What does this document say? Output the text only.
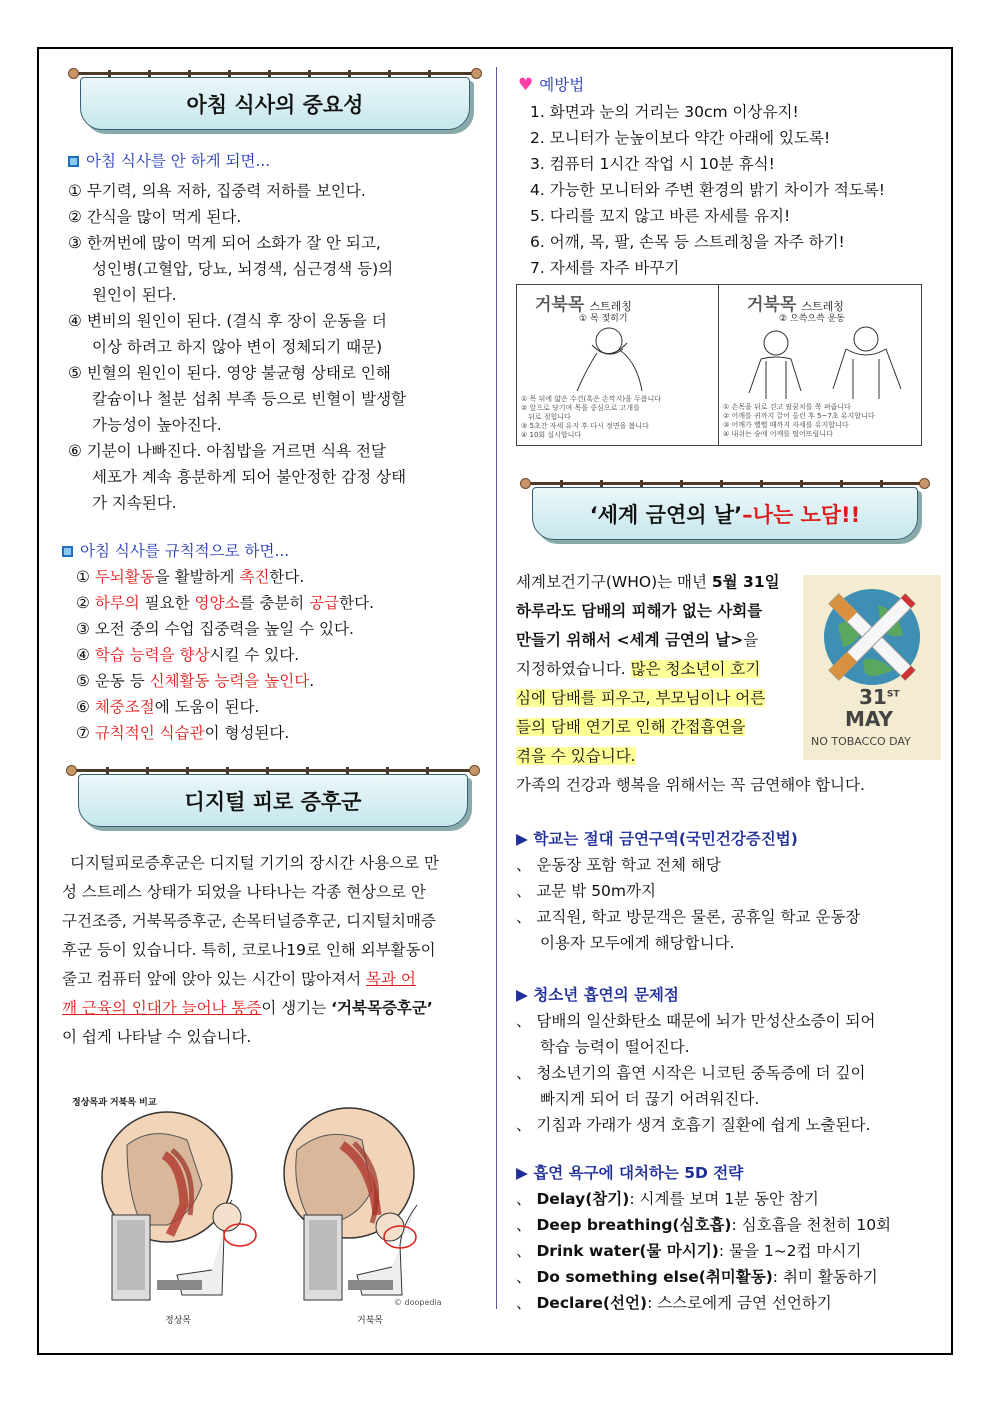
아침 식사의 중요성
아침 식사를 안 하게 되면...
① 무기력, 의욕 저하, 집중력 저하를 보인다.
② 간식을 많이 먹게 된다.
③ 한꺼번에 많이 먹게 되어 소화가 잘 안 되고,
성인병(고혈압, 당뇨, 뇌경색, 심근경색 등)의
원인이 된다.
④ 변비의 원인이 된다. (결식 후 장이 운동을 더
이상 하려고 하지 않아 변이 정체되기 때문)
⑤ 빈혈의 원인이 된다. 영양 불균형 상태로 인해
칼슘이나 철분 섭취 부족 등으로 빈혈이 발생할
가능성이 높아진다.
⑥ 기분이 나빠진다. 아침밥을 거르면 식욕 전달
세포가 계속 흥분하게 되어 불안정한 감정 상태
가 지속된다.
아침 식사를 규칙적으로 하면...
① 두뇌활동을 활발하게 촉진한다.
② 하루의 필요한 영양소를 충분히 공급한다.
③ 오전 중의 수업 집중력을 높일 수 있다.
④ 학습 능력을 향상시킬 수 있다.
⑤ 운동 등 신체활동 능력을 높인다.
⑥ 체중조절에 도움이 된다.
⑦ 규칙적인 식습관이 형성된다.
디지털 피로 증후군
디지털피로증후군은 디지털 기기의 장시간 사용으로 만
성 스트레스 상태가 되었을 나타나는 각종 현상으로 안
구건조증, 거북목증후군, 손목터널증후군, 디지털치매증
후군 등이 있습니다. 특히, 코로나19로 인해 외부활동이
줄고 컴퓨터 앞에 앉아 있는 시간이 많아져서 목과 어
깨 근육의 인대가 늘어나 통증이 생기는 ‘거북목증후군’
이 쉽게 나타날 수 있습니다.
정상목과 거북목 비교
정상목	거북목
© doopedia
♥ 예방법
1. 화면과 눈의 거리는 30cm 이상유지!
2. 모니터가 눈높이보다 약간 아래에 있도록!
3. 컴퓨터 1시간 작업 시 10분 휴식!
4. 가능한 모니터와 주변 환경의 밝기 차이가 적도록!
5. 다리를 꼬지 않고 바른 자세를 유지!
6. 어깨, 목, 팔, 손목 등 스트레칭을 자주 하기!
7. 자세를 자주 바꾸기
거북목 스트레칭
① 목 젖히기
① 목 뒤에 얇은 수건(혹은 손깍지)을 두릅니다
② 앞으로 당기며 목을 중심으로 고개를
뒤로 젖힙니다
③ 5초간 자세 유지 후 다시 정면을 봅니다
④ 10회 실시합니다
거북목 스트레칭
② 으쓱으쓱 운동
① 손목을 뒤로 걷고 팔꿈치를 쭉 펴줍니다
② 어깨를 귀까지 끌어 올린 후 5~7초 유지합니다
③ 어깨가 뻘뻘 때까지 자세를 유지합니다
④ 내쉬는 숨에 어깨를 떨어뜨립니다
‘세계 금연의 날’ –나는 노담!!
세계보건기구(WHO)는 매년 5월 31일
하루라도 담배의 피해가 없는 사회를
만들기 위해서 <세계 금연의 날>을
지정하였습니다. 많은 청소년이 호기
심에 담배를 피우고, 부모님이나 어른
들의 담배 연기로 인해 간접흡연을
겪을 수 있습니다.
가족의 건강과 행복을 위해서는 꼭 금연해야 합니다.
31ST
MAY
NO TOBACCO DAY
▶ 학교는 절대 금연구역(국민건강증진법)
、 운동장 포함 학교 전체 해당
、 교문 밖 50m까지
、 교직원, 학교 방문객은 물론, 공휴일 학교 운동장
이용자 모두에게 해당합니다.
▶ 청소년 흡연의 문제점
、 담배의 일산화탄소 때문에 뇌가 만성산소증이 되어
학습 능력이 떨어진다.
、 청소년기의 흡연 시작은 니코틴 중독증에 더 깊이
빠지게 되어 더 끊기 어려워진다.
、 기침과 가래가 생겨 호흡기 질환에 쉽게 노출된다.
▶ 흡연 욕구에 대처하는 5D 전략
、 Delay(참기): 시계를 보며 1분 동안 참기
、 Deep breathing(심호흡): 심호흡을 천천히 10회
、 Drink water(물 마시기): 물을 1~2컵 마시기
、 Do something else(취미활동): 취미 활동하기
、 Declare(선언): 스스로에게 금연 선언하기
